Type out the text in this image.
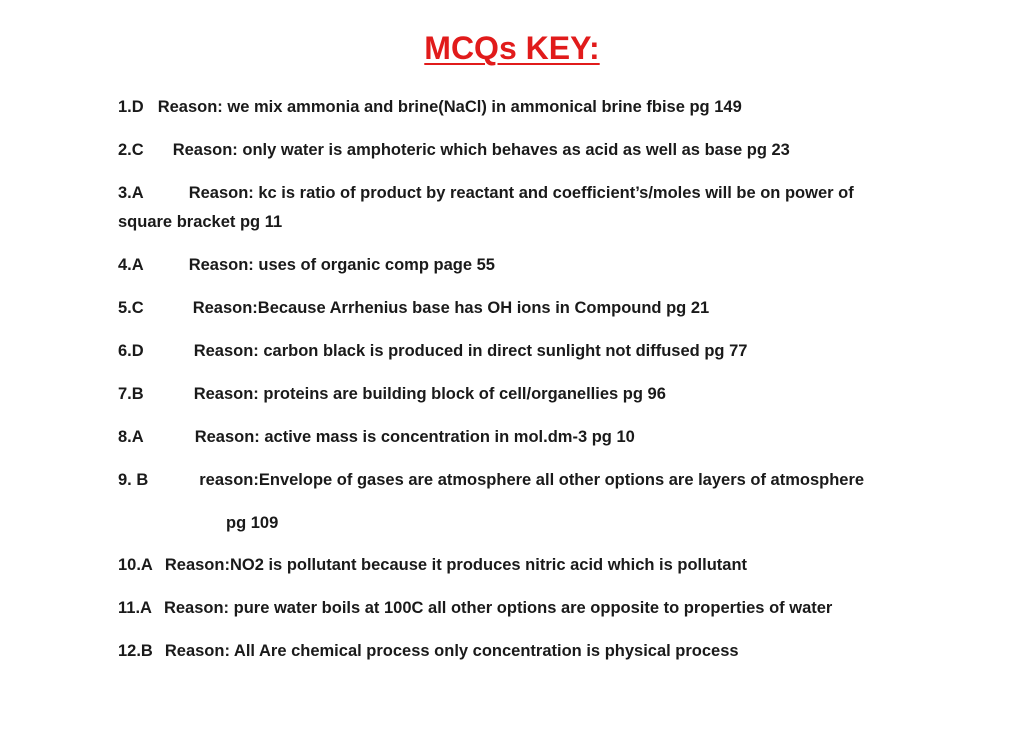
MCQs KEY:
1.D Reason: we mix ammonia and brine(NaCl) in ammonical brine fbise pg 149
2.C Reason: only water is amphoteric which behaves as acid as well as base pg 23
3.A	Reason: kc is ratio of product by reactant and coefficient’s/moles will be on power of
square bracket pg 11
4.A	Reason: uses of organic comp page 55
5.C	Reason:Because Arrhenius base has OH ions in Compound pg 21
6.D	Reason: carbon black is produced in direct sunlight not diffused pg 77
7.B	Reason: proteins are building block of cell/organellies pg 96
8.A	Reason: active mass is concentration in mol.dm-3 pg 10
9. B	reason:Envelope of gases are atmosphere all other options are layers of atmosphere
pg 109
10.A Reason:NO2 is pollutant because it produces nitric acid which is pollutant
11.A Reason: pure water boils at 100C all other options are opposite to properties of water
12.B Reason: All Are chemical process only concentration is physical process
